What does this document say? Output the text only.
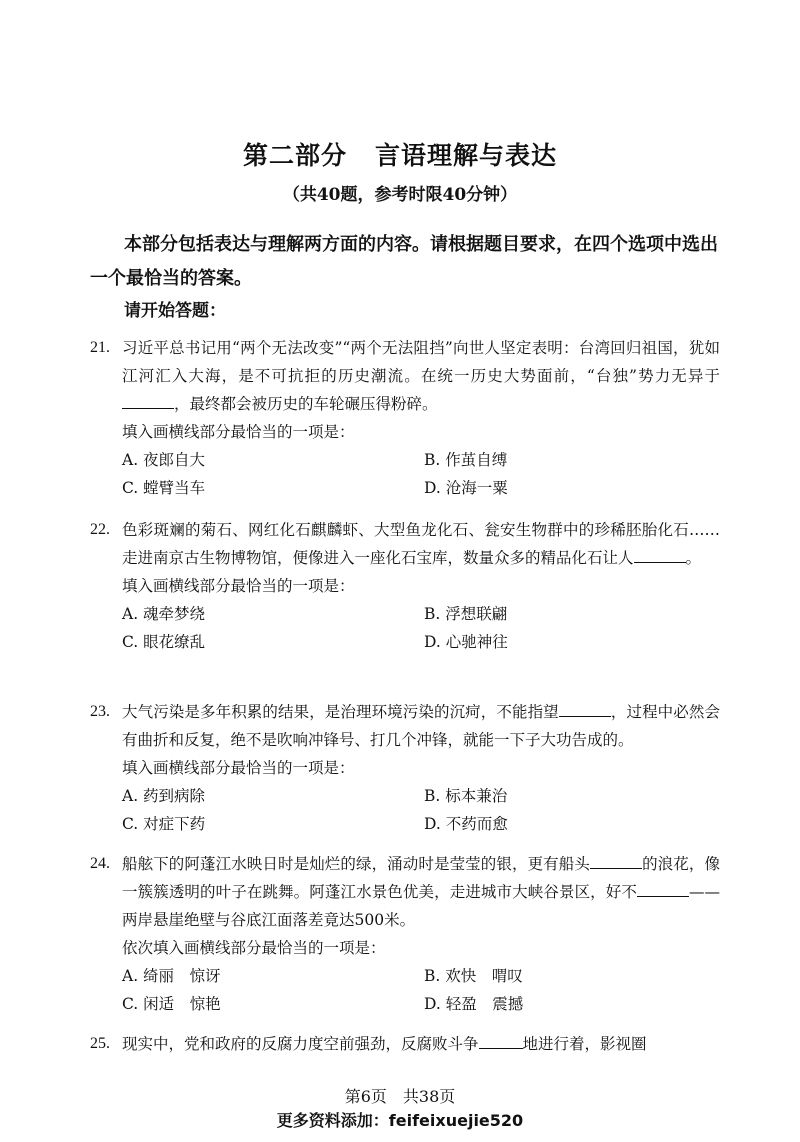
第二部分 言语理解与表达
（共40题，参考时限40分钟）
本部分包括表达与理解两方面的内容。请根据题目要求，在四个选项中选出一个最恰当的答案。
请开始答题：
21. 习近平总书记用“两个无法改变”“两个无法阻挡”向世人坚定表明：台湾回归祖国，犹如江河汇入大海，是不可抗拒的历史潮流。在统一历史大势面前，“台独”势力无异于，最终都会被历史的车轮碾压得粉碎。
填入画横线部分最恰当的一项是：
A. 夜郎自大	B. 作茧自缚
C. 螳臂当车	D. 沧海一粟
22. 色彩斑斓的菊石、网红化石麒麟虾、大型鱼龙化石、瓮安生物群中的珍稀胚胎化石……走进南京古生物博物馆，便像进入一座化石宝库，数量众多的精品化石让人	。
填入画横线部分最恰当的一项是：
A. 魂牵梦绕	B. 浮想联翩
C. 眼花缭乱	D. 心驰神往
23. 大气污染是多年积累的结果，是治理环境污染的沉疴，不能指望	，过程中必然会有曲折和反复，绝不是吹响冲锋号、打几个冲锋，就能一下子大功告成的。
填入画横线部分最恰当的一项是：
A. 药到病除	B. 标本兼治
C. 对症下药	D. 不药而愈
24. 船舷下的阿蓬江水映日时是灿烂的绿，涌动时是莹莹的银，更有船头	的浪花，像一簇簇透明的叶子在跳舞。阿蓬江水景色优美，走进城市大峡谷景区，好不	——两岸悬崖绝壁与谷底江面落差竟达500米。
依次填入画横线部分最恰当的一项是：
A. 绮丽　惊讶	B. 欢快　喟叹
C. 闲适　惊艳	D. 轻盈　震撼
25. 现实中，党和政府的反腐力度空前强劲，反腐败斗争	地进行着，影视圈
第6页　共38页
更多资料添加：feifeixuejie520
